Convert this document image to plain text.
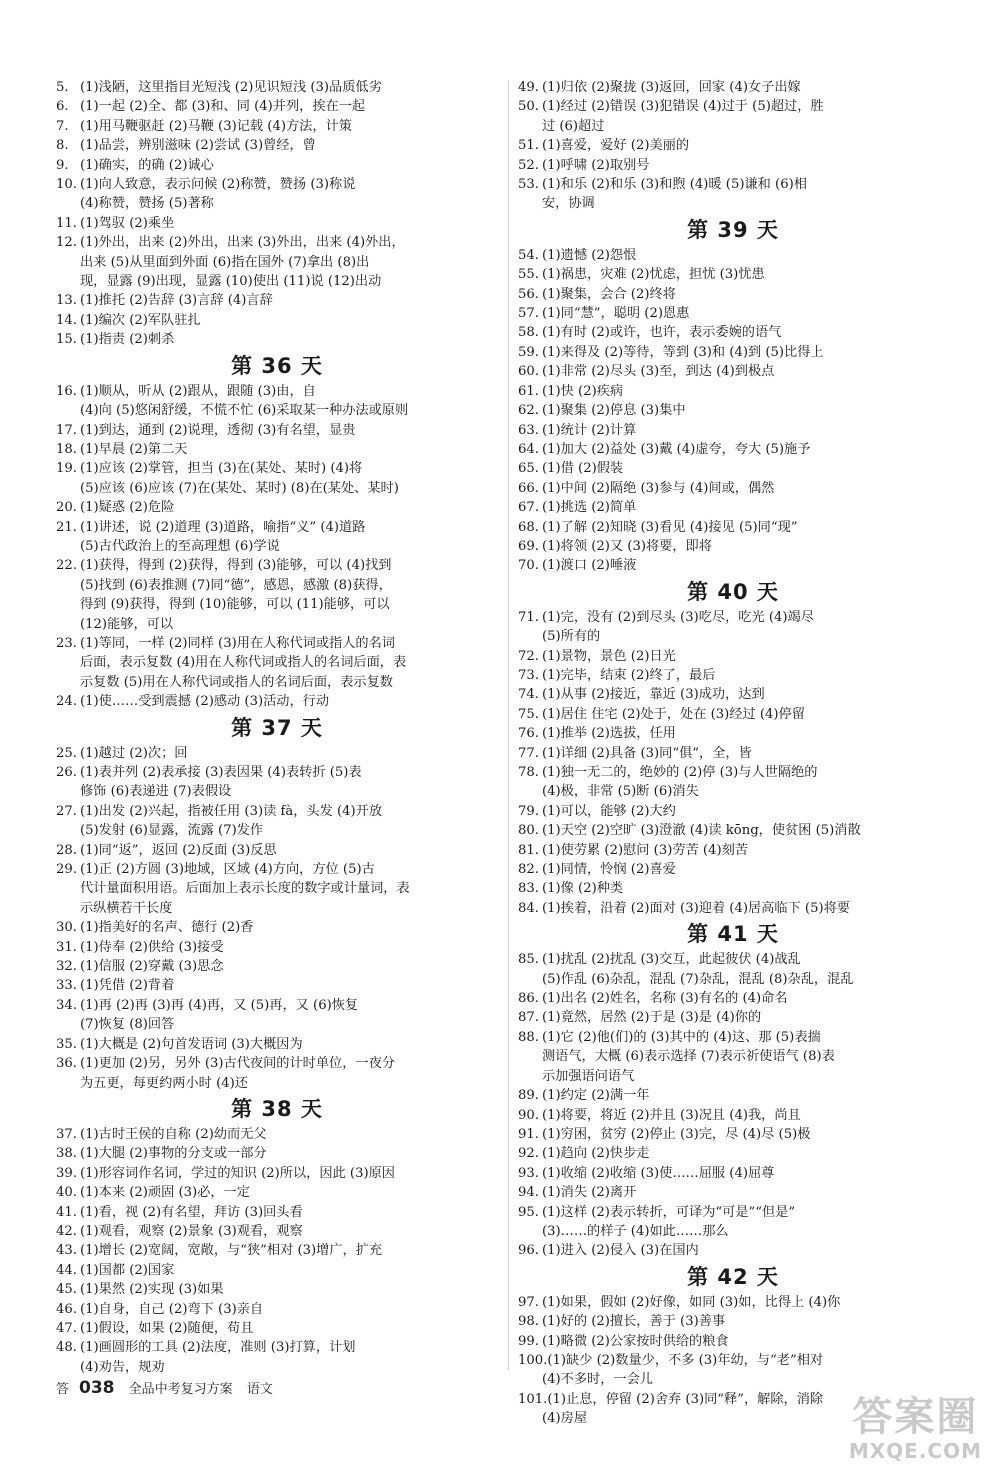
5. (1)浅陋，这里指目光短浅 (2)见识短浅 (3)品质低劣
6. (1)一起 (2)全、都 (3)和、同 (4)并列，挨在一起
7. (1)用马鞭驱赶 (2)马鞭 (3)记载 (4)方法，计策
8. (1)品尝，辨别滋味 (2)尝试 (3)曾经，曾
9. (1)确实，的确 (2)诚心
10. (1)向人致意，表示问候 (2)称赞，赞扬 (3)称说
(4)称赞，赞扬 (5)著称
11. (1)驾驭 (2)乘坐
12. (1)外出，出来 (2)外出，出来 (3)外出，出来 (4)外出，
出来 (5)从里面到外面 (6)指在国外 (7)拿出 (8)出
现，显露 (9)出现，显露 (10)使出 (11)说 (12)出动
13. (1)推托 (2)告辞 (3)言辞 (4)言辞
14. (1)编次 (2)军队驻扎
15. (1)指责 (2)刺杀
第 36 天
16. (1)顺从，听从 (2)跟从，跟随 (3)由，自
(4)向 (5)悠闲舒缓，不慌不忙 (6)采取某一种办法或原则
17. (1)到达，通到 (2)说理，透彻 (3)有名望，显贵
18. (1)早晨 (2)第二天
19. (1)应该 (2)掌管，担当 (3)在(某处、某时) (4)将
(5)应该 (6)应该 (7)在(某处、某时) (8)在(某处、某时)
20. (1)疑惑 (2)危险
21. (1)讲述，说 (2)道理 (3)道路，喻指“义” (4)道路
(5)古代政治上的至高理想 (6)学说
22. (1)获得，得到 (2)获得，得到 (3)能够，可以 (4)找到
(5)找到 (6)表推测 (7)同“德”，感恩，感激 (8)获得，
得到 (9)获得，得到 (10)能够，可以 (11)能够，可以
(12)能够，可以
23. (1)等同，一样 (2)同样 (3)用在人称代词或指人的名词
后面，表示复数 (4)用在人称代词或指人的名词后面，表
示复数 (5)用在人称代词或指人的名词后面，表示复数
24. (1)使……受到震撼 (2)感动 (3)活动，行动
第 37 天
25. (1)越过 (2)次；回
26. (1)表并列 (2)表承接 (3)表因果 (4)表转折 (5)表
修饰 (6)表递进 (7)表假设
27. (1)出发 (2)兴起，指被任用 (3)读 fà，头发 (4)开放
(5)发射 (6)显露，流露 (7)发作
28. (1)同“返”，返回 (2)反面 (3)反思
29. (1)正 (2)方圆 (3)地域，区域 (4)方向，方位 (5)古
代计量面积用语。后面加上表示长度的数字或计量词，表
示纵横若干长度
30. (1)指美好的名声、德行 (2)香
31. (1)侍奉 (2)供给 (3)接受
32. (1)信服 (2)穿戴 (3)思念
33. (1)凭借 (2)背着
34. (1)再 (2)再 (3)再 (4)再，又 (5)再，又 (6)恢复
(7)恢复 (8)回答
35. (1)大概是 (2)句首发语词 (3)大概因为
36. (1)更加 (2)另，另外 (3)古代夜间的计时单位，一夜分
为五更，每更约两小时 (4)还
第 38 天
37. (1)古时王侯的自称 (2)幼而无父
38. (1)大腿 (2)事物的分支或一部分
39. (1)形容词作名词，学过的知识 (2)所以，因此 (3)原因
40. (1)本来 (2)顽固 (3)必，一定
41. (1)看，视 (2)有名望，拜访 (3)回头看
42. (1)观看，观察 (2)景象 (3)观看，观察
43. (1)增长 (2)宽阔，宽敞，与“狭”相对 (3)增广，扩充
44. (1)国都 (2)国家
45. (1)果然 (2)实现 (3)如果
46. (1)自身，自己 (2)弯下 (3)亲自
47. (1)假设，如果 (2)随便，苟且
48. (1)画圆形的工具 (2)法度，准则 (3)打算，计划
(4)劝告，规劝
49. (1)归依 (2)聚拢 (3)返回，回家 (4)女子出嫁
50. (1)经过 (2)错误 (3)犯错误 (4)过于 (5)超过，胜
过 (6)超过
51. (1)喜爱，爱好 (2)美丽的
52. (1)呼啸 (2)取别号
53. (1)和乐 (2)和乐 (3)和煦 (4)暖 (5)谦和 (6)相
安，协调
第 39 天
54. (1)遗憾 (2)怨恨
55. (1)祸患，灾难 (2)忧虑，担忧 (3)忧患
56. (1)聚集，会合 (2)终将
57. (1)同“慧”，聪明 (2)恩惠
58. (1)有时 (2)或许，也许，表示委婉的语气
59. (1)来得及 (2)等待，等到 (3)和 (4)到 (5)比得上
60. (1)非常 (2)尽头 (3)至，到达 (4)到极点
61. (1)快 (2)疾病
62. (1)聚集 (2)停息 (3)集中
63. (1)统计 (2)计算
64. (1)加大 (2)益处 (3)戴 (4)虚夸，夸大 (5)施予
65. (1)借 (2)假装
66. (1)中间 (2)隔绝 (3)参与 (4)间或，偶然
67. (1)挑选 (2)简单
68. (1)了解 (2)知晓 (3)看见 (4)接见 (5)同“现”
69. (1)将领 (2)又 (3)将要，即将
70. (1)渡口 (2)唾液
第 40 天
71. (1)完，没有 (2)到尽头 (3)吃尽，吃光 (4)竭尽
(5)所有的
72. (1)景物，景色 (2)日光
73. (1)完毕，结束 (2)终了，最后
74. (1)从事 (2)接近，靠近 (3)成功，达到
75. (1)居住 住宅 (2)处于，处在 (3)经过 (4)停留
76. (1)推举 (2)选拔，任用
77. (1)详细 (2)具备 (3)同“俱”，全，皆
78. (1)独一无二的，绝妙的 (2)停 (3)与人世隔绝的
(4)极，非常 (5)断 (6)消失
79. (1)可以，能够 (2)大约
80. (1)天空 (2)空旷 (3)澄澈 (4)读 kōng，使贫困 (5)消散
81. (1)使劳累 (2)慰问 (3)劳苦 (4)刻苦
82. (1)同情，怜悯 (2)喜爱
83. (1)像 (2)种类
84. (1)挨着，沿着 (2)面对 (3)迎着 (4)居高临下 (5)将要
第 41 天
85. (1)扰乱 (2)扰乱 (3)交互，此起彼伏 (4)战乱
(5)作乱 (6)杂乱，混乱 (7)杂乱，混乱 (8)杂乱，混乱
86. (1)出名 (2)姓名，名称 (3)有名的 (4)命名
87. (1)竟然，居然 (2)于是 (3)是 (4)你的
88. (1)它 (2)他(们)的 (3)其中的 (4)这、那 (5)表揣
测语气，大概 (6)表示选择 (7)表示祈使语气 (8)表
示加强语问语气
89. (1)约定 (2)满一年
90. (1)将要，将近 (2)并且 (3)况且 (4)我，尚且
91. (1)穷困，贫穷 (2)停止 (3)完，尽 (4)尽 (5)极
92. (1)趋向 (2)快步走
93. (1)收缩 (2)收缩 (3)使……屈服 (4)屈尊
94. (1)消失 (2)离开
95. (1)这样 (2)表示转折，可译为“可是”“但是”
(3)……的样子 (4)如此……那么
96. (1)进入 (2)侵入 (3)在国内
第 42 天
97. (1)如果，假如 (2)好像，如同 (3)如，比得上 (4)你
98. (1)好的 (2)擅长，善于 (3)善事
99. (1)略微 (2)公家按时供给的粮食
100.(1)缺少 (2)数量少，不多 (3)年幼，与“老”相对
(4)不多时，一会儿
101.(1)止息，停留 (2)舍弃 (3)同“释”，解除，消除
(4)房屋
答 038 全品中考复习方案 语文
答案圈
MXQE.COM
